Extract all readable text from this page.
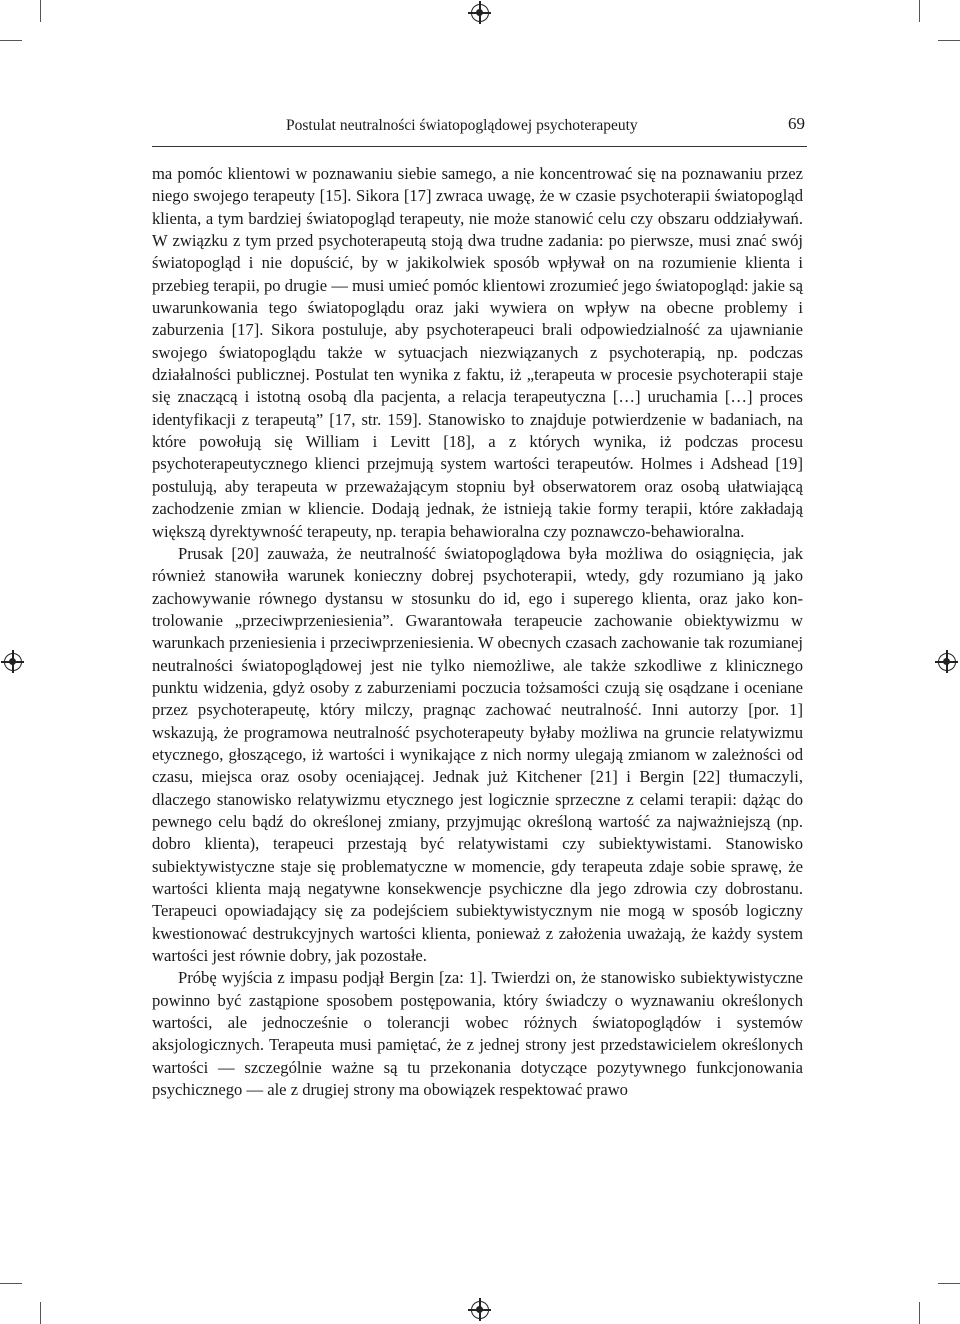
Postulat neutralności światopoglądowej psychoterapeuty	69

ma pomóc klientowi w poznawaniu siebie samego, a nie koncentrować się na poznawaniu przez niego swojego terapeuty [15]. Sikora [17] zwraca uwagę, że w czasie psychoterapii światopogląd klienta, a tym bardziej światopogląd terapeuty, nie może stanowić celu czy obszaru oddziaływań. W związku z tym przed psychoterapeutą stoją dwa trudne zadania: po pierwsze, musi znać swój światopogląd i nie dopuścić, by w jakikolwiek sposób wpływał on na rozumienie klienta i przebieg terapii, po drugie — musi umieć pomóc klientowi zrozumieć jego światopogląd: jakie są uwarunkowania tego światopoglądu oraz jaki wywiera on wpływ na obecne problemy i zaburzenia [17]. Sikora postuluje, aby psychoterapeuci brali odpowiedzialność za ujawnianie swojego światopoglądu także w sytuacjach niezwiązanych z psychoterapią, np. podczas działalności publicznej. Postulat ten wynika z faktu, iż „terapeuta w procesie psychoterapii staje się znaczącą i istotną osobą dla pacjenta, a relacja terapeutyczna […] uruchamia […] proces identyfikacji z terapeutą” [17, str. 159]. Stanowisko to znajduje potwierdzenie w badaniach, na które powołują się William i Levitt [18], a z których wynika, iż podczas procesu psychoterapeutycznego klienci przejmują system wartości terapeutów. Holmes i Adshead [19] postulują, aby terapeuta w przeważającym stopniu był obserwatorem oraz osobą ułatwiającą zachodzenie zmian w kliencie. Dodają jednak, że istnieją takie formy terapii, które zakładają większą dyrektywność terapeuty, np. terapia behawioralna czy poznawczo-behawioralna.

Prusak [20] zauważa, że neutralność światopoglądowa była możliwa do osiągnięcia, jak również stanowiła warunek konieczny dobrej psychoterapii, wtedy, gdy rozumiano ją jako zachowywanie równego dystansu w stosunku do id, ego i superego klienta, oraz jako kontrolowanie „przeciwprzeniesienia”. Gwarantowała terapeucie zachowanie obiektywizmu w warunkach przeniesienia i przeciwprzeniesienia. W obecnych czasach zachowanie tak rozumianej neutralności światopoglądowej jest nie tylko niemożliwe, ale także szkodliwe z klinicznego punktu widzenia, gdyż osoby z zaburzeniami poczucia tożsamości czują się osądzane i oceniane przez psychoterapeutę, który milczy, pragnąc zachować neutralność. Inni autorzy [por. 1] wskazują, że programowa neutralność psychoterapeuty byłaby możliwa na gruncie relatywizmu etycznego, głoszącego, iż wartości i wynikające z nich normy ulegają zmianom w zależności od czasu, miejsca oraz osoby oceniającej. Jednak już Kitchener [21] i Bergin [22] tłumaczyli, dlaczego stanowisko relatywizmu etycznego jest logicznie sprzeczne z celami terapii: dążąc do pewnego celu bądź do określonej zmiany, przyjmując określoną wartość za najważniejszą (np. dobro klienta), terapeuci przestają być relatywistami czy subiektywistami. Stanowisko subiektywistyczne staje się problematyczne w momencie, gdy terapeuta zdaje sobie sprawę, że wartości klienta mają negatywne konsekwencje psychiczne dla jego zdrowia czy dobrostanu. Terapeuci opowiadający się za podejściem subiektywistycznym nie mogą w sposób logiczny kwestionować destrukcyjnych wartości klienta, ponieważ z założenia uważają, że każdy system wartości jest równie dobry, jak pozostałe.

Próbę wyjścia z impasu podjął Bergin [za: 1]. Twierdzi on, że stanowisko subiektywistyczne powinno być zastąpione sposobem postępowania, który świadczy o wyznawaniu określonych wartości, ale jednocześnie o tolerancji wobec różnych światopoglądów i systemów aksjologicznych. Terapeuta musi pamiętać, że z jednej strony jest przedstawicielem określonych wartości — szczególnie ważne są tu przekonania dotyczące pozytywnego funkcjonowania psychicznego — ale z drugiej strony ma obowiązek respektować prawo
